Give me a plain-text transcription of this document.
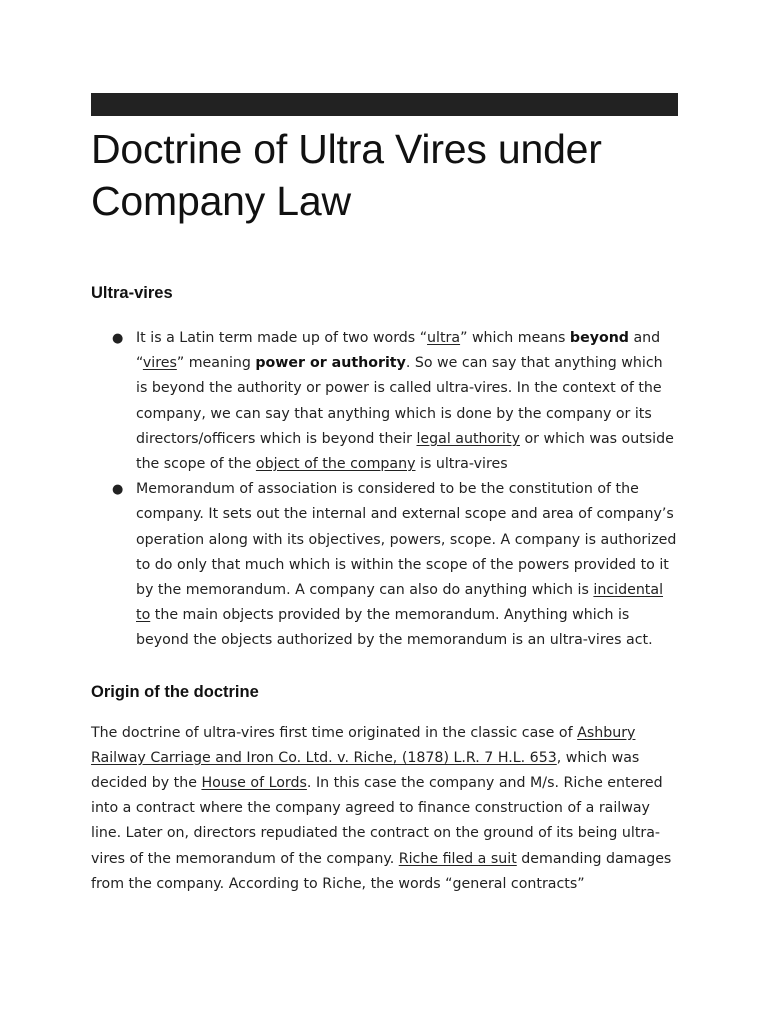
Doctrine of Ultra Vires under
Company Law
Ultra-vires
● It is a Latin term made up of two words “ultra” which means beyond and “vires” meaning power or authority. So we can say that anything which is beyond the authority or power is called ultra-vires. In the context of the company, we can say that anything which is done by the company or its directors/officers which is beyond their legal authority or which was outside the scope of the object of the company is ultra-vires
● Memorandum of association is considered to be the constitution of the company. It sets out the internal and external scope and area of company’s operation along with its objectives, powers, scope. A company is authorized to do only that much which is within the scope of the powers provided to it by the memorandum. A company can also do anything which is incidental to the main objects provided by the memorandum. Anything which is beyond the objects authorized by the memorandum is an ultra-vires act.
Origin of the doctrine

The doctrine of ultra-vires first time originated in the classic case of Ashbury Railway Carriage and Iron Co. Ltd. v. Riche, (1878) L.R. 7 H.L. 653, which was decided by the House of Lords. In this case the company and M/s. Riche entered into a contract where the company agreed to finance construction of a railway line. Later on, directors repudiated the contract on the ground of its being ultra-vires of the memorandum of the company. Riche filed a suit demanding damages from the company. According to Riche, the words “general contracts”
